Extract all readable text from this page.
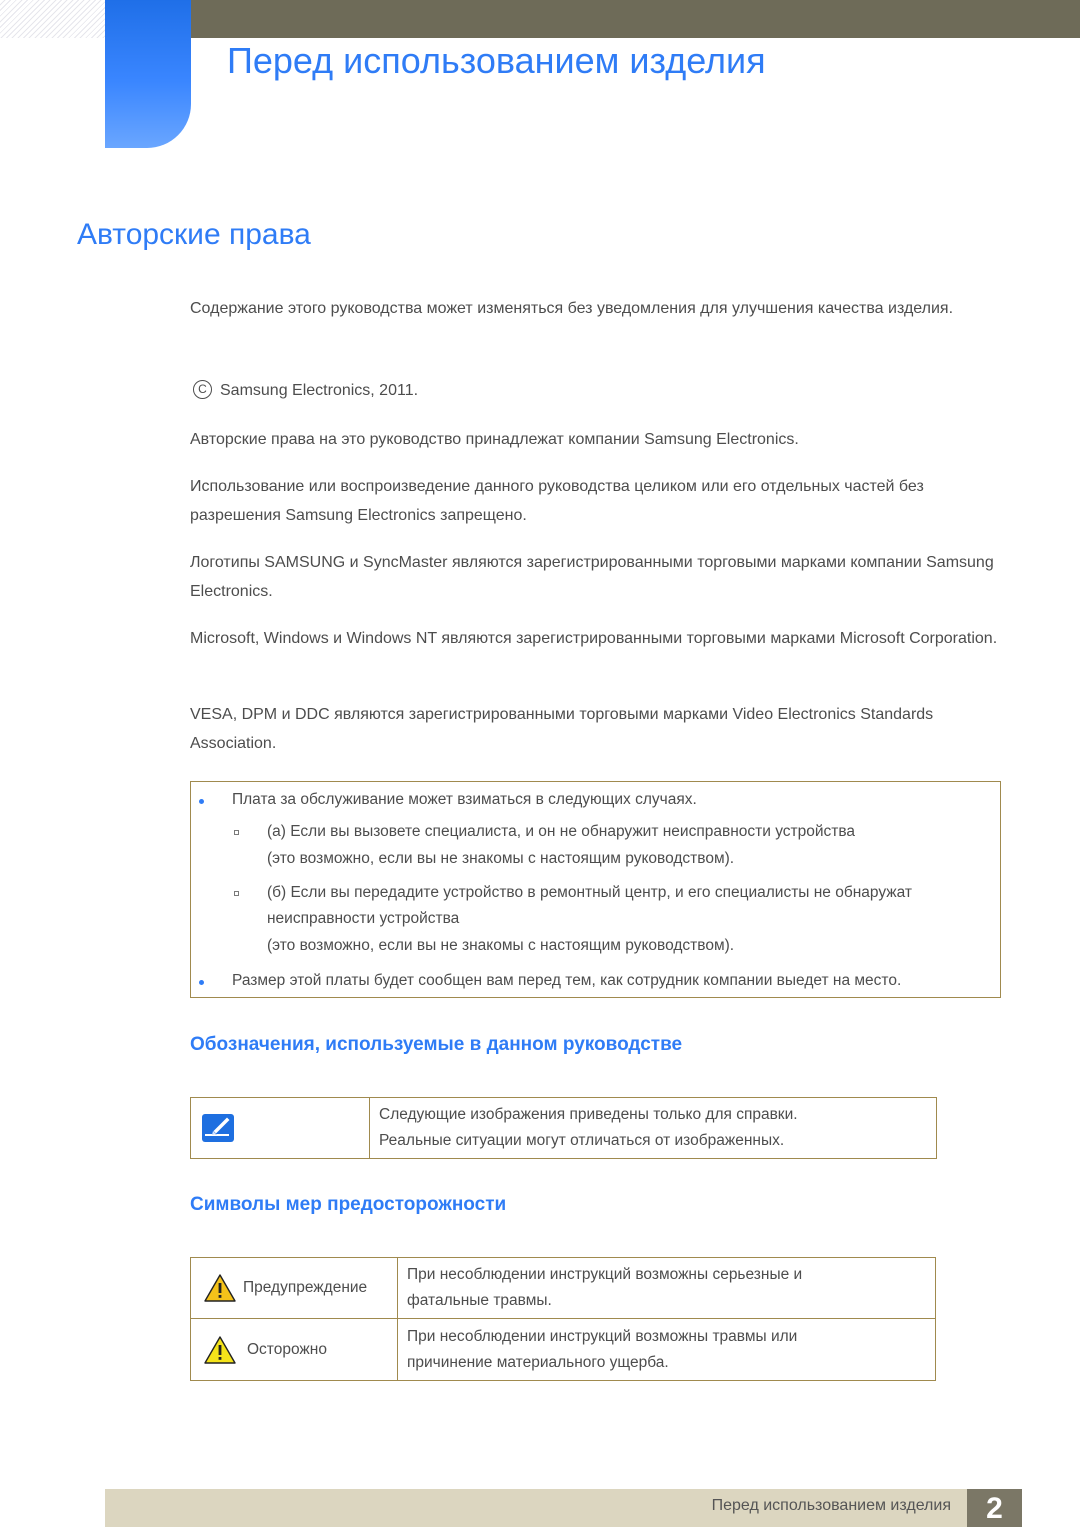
Перед использованием изделия
Авторские права

Содержание этого руководства может изменяться без уведомления для улучшения качества изделия.

C Samsung Electronics, 2011.

Авторские права на это руководство принадлежат компании Samsung Electronics.

Использование или воспроизведение данного руководства целиком или его отдельных частей без разрешения Samsung Electronics запрещено.

Логотипы SAMSUNG и SyncMaster являются зарегистрированными торговыми марками компании Samsung Electronics.

Microsoft, Windows и Windows NT являются зарегистрированными торговыми марками Microsoft Corporation.

VESA, DPM и DDC являются зарегистрированными торговыми марками Video Electronics Standards Association.

Плата за обслуживание может взиматься в следующих случаях.
(а) Если вы вызовете специалиста, и он не обнаружит неисправности устройства
(это возможно, если вы не знакомы с настоящим руководством).
(б) Если вы передадите устройство в ремонтный центр, и его специалисты не обнаружат
неисправности устройства
(это возможно, если вы не знакомы с настоящим руководством).
Размер этой платы будет сообщен вам перед тем, как сотрудник компании выедет на место.
Обозначения, используемые в данном руководстве

Следующие изображения приведены только для справки.
Реальные ситуации могут отличаться от изображенных.
Символы мер предосторожности
Предупреждение	При несоблюдении инструкций возможны серьезные и
фатальные травмы.

Осторожно	При несоблюдении инструкций возможны травмы или
причинение материального ущерба.
Перед использованием изделия	2
